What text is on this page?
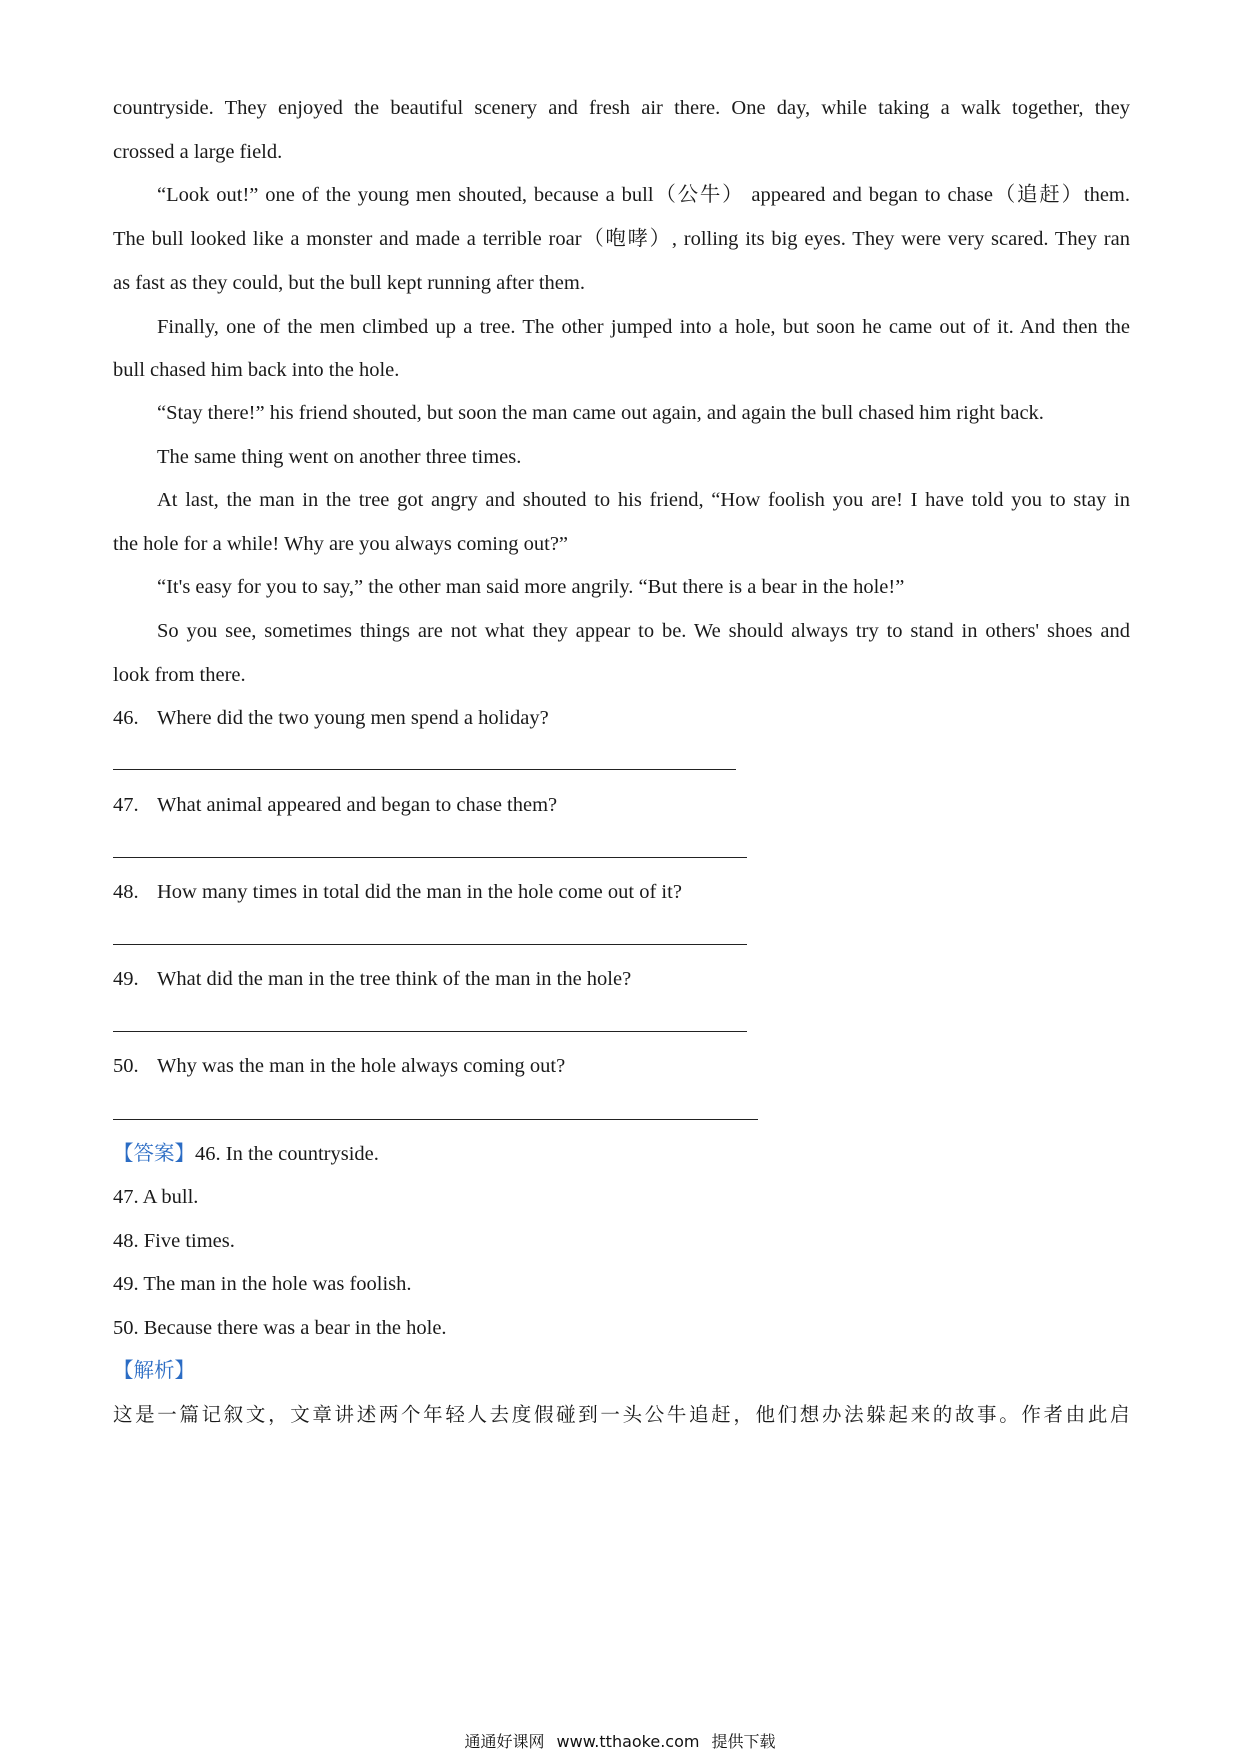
countryside. They enjoyed the beautiful scenery and fresh air there. One day, while taking a walk together, they
crossed a large field.
“Look out!” one of the young men shouted, because a bull（公牛） appeared and began to chase（追赶）them.
The bull looked like a monster and made a terrible roar（咆哮）, rolling its big eyes. They were very scared. They ran
as fast as they could, but the bull kept running after them.
Finally, one of the men climbed up a tree. The other jumped into a hole, but soon he came out of it. And then the
bull chased him back into the hole.
“Stay there!” his friend shouted, but soon the man came out again, and again the bull chased him right back.
The same thing went on another three times.
At last, the man in the tree got angry and shouted to his friend, “How foolish you are! I have told you to stay in
the hole for a while! Why are you always coming out?”
“It's easy for you to say,” the other man said more angrily. “But there is a bear in the hole!”
So you see, sometimes things are not what they appear to be. We should always try to stand in others' shoes and
look from there.
46. Where did the two young men spend a holiday?
47. What animal appeared and began to chase them?
48. How many times in total did the man in the hole come out of it?
49. What did the man in the tree think of the man in the hole?
50. Why was the man in the hole always coming out?
【答案】46. In the countryside.
47. A bull.
48. Five times.
49. The man in the hole was foolish.
50. Because there was a bear in the hole.
【解析】
这是一篇记叙文，文章讲述两个年轻人去度假碰到一头公牛追赶，他们想办法躲起来的故事。作者由此启
通通好课网 www.tthaoke.com 提供下载
